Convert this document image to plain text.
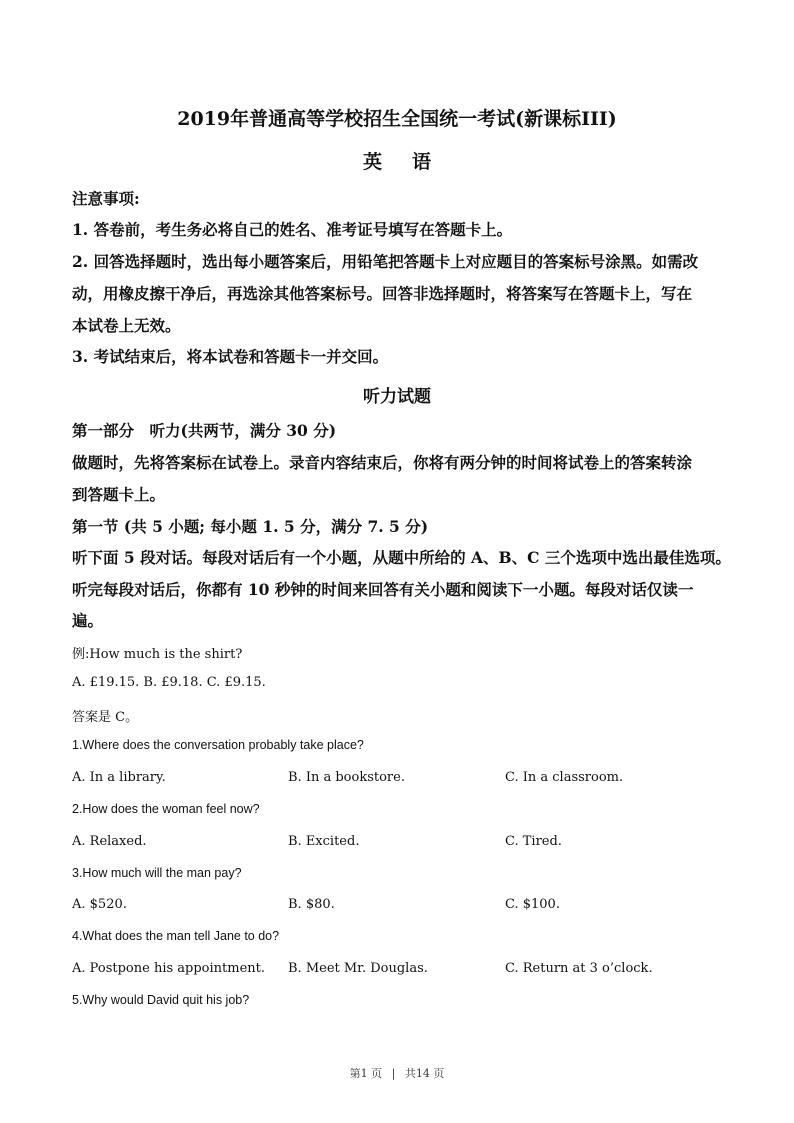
2019年普通高等学校招生全国统一考试(新课标III)
英语
注意事项:
1. 答卷前，考生务必将自己的姓名、准考证号填写在答题卡上。
2. 回答选择题时，选出每小题答案后，用铅笔把答题卡上对应题目的答案标号涂黑。如需改
动，用橡皮擦干净后，再选涂其他答案标号。回答非选择题时，将答案写在答题卡上，写在
本试卷上无效。
3. 考试结束后，将本试卷和答题卡一并交回。
听力试题
第一部分　听力(共两节，满分 30 分)
做题时，先将答案标在试卷上。录音内容结束后，你将有两分钟的时间将试卷上的答案转涂
到答题卡上。
第一节 (共 5 小题; 每小题 1. 5 分，满分 7. 5 分)
听下面 5 段对话。每段对话后有一个小题，从题中所给的 A、B、C 三个选项中选出最佳选项。
听完每段对话后，你都有 10 秒钟的时间来回答有关小题和阅读下一小题。每段对话仅读一
遍。
例:How much is the shirt?
A. £19.15. B. £9.18. C. £9.15.
答案是 C。
1.Where does the conversation probably take place?
A. In a library.	B. In a bookstore.	C. In a classroom.
2.How does the woman feel now?
A. Relaxed.	B. Excited.	C. Tired.
3.How much will the man pay?
A. $520.	B. $80.	C. $100.
4.What does the man tell Jane to do?
A. Postpone his appointment. B. Meet Mr. Douglas.	C. Return at 3 o’clock.
5.Why would David quit his job?
第1 页 | 共14 页
